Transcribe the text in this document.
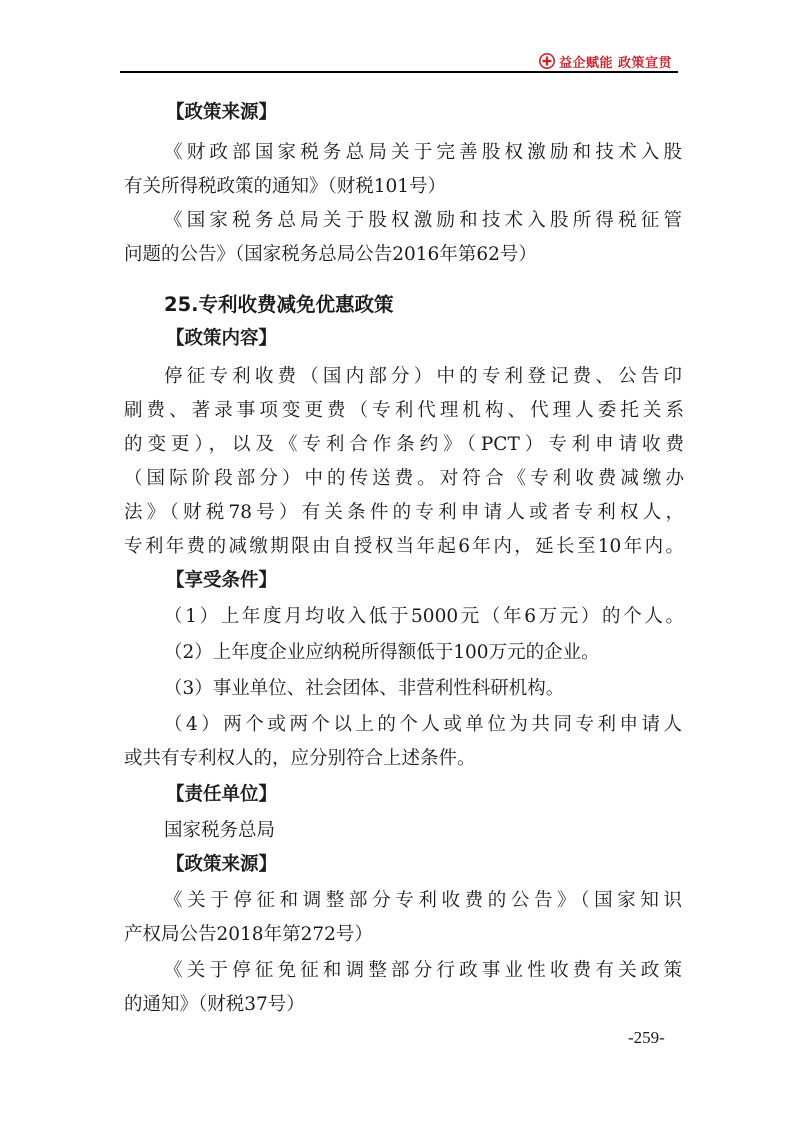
益企赋能 政策宣贯
【政策来源】
《财政部国家税务总局关于完善股权激励和技术入股
有关所得税政策的通知》（财税101号）
《国家税务总局关于股权激励和技术入股所得税征管
问题的公告》（国家税务总局公告2016年第62号）
25.专利收费减免优惠政策
【政策内容】
停征专利收费（国内部分）中的专利登记费、公告印
刷费、著录事项变更费（专利代理机构、代理人委托关系
的变更），以及《专利合作条约》（PCT）专利申请收费
（国际阶段部分）中的传送费。对符合《专利收费减缴办
法》（财税78号）有关条件的专利申请人或者专利权人，
专利年费的减缴期限由自授权当年起6年内，延长至10年内。
【享受条件】
（1）上年度月均收入低于5000元（年6万元）的个人。
（2）上年度企业应纳税所得额低于100万元的企业。
（3）事业单位、社会团体、非营利性科研机构。
（4）两个或两个以上的个人或单位为共同专利申请人
或共有专利权人的，应分别符合上述条件。
【责任单位】
国家税务总局
【政策来源】
《关于停征和调整部分专利收费的公告》（国家知识
产权局公告2018年第272号）
《关于停征免征和调整部分行政事业性收费有关政策
的通知》（财税37号）
-259-
